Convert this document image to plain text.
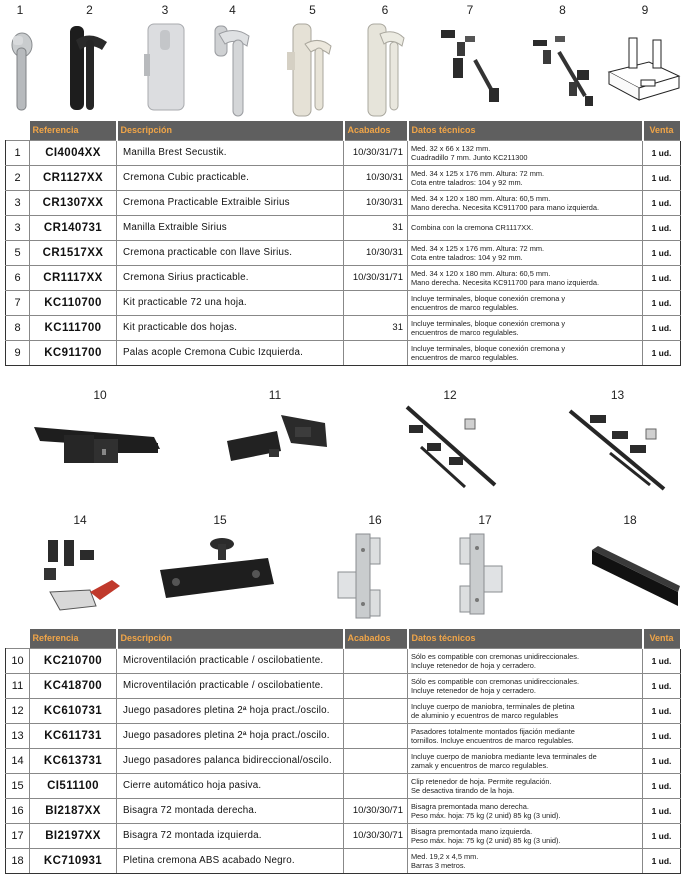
1	2	3	4	5	6	7	8	9
	Referencia	Descripción	Acabados	Datos técnicos	Venta
1	CI4004XX	Manilla Brest Secustik.	10/30/31/71	Med. 32 x 66 x 132 mm.
Cuadradillo 7 mm. Junto KC211300	1 ud.
2	CR1127XX	Cremona Cubic practicable.	10/30/31	Med. 34 x 125 x 176 mm. Altura: 72 mm.
Cota entre taladros: 104 y 92 mm.	1 ud.
3	CR1307XX	Cremona Practicable Extraible Sirius	10/30/31	Med. 34 x 120 x 180 mm. Altura: 60,5 mm.
Mano derecha. Necesita KC911700 para mano izquierda.	1 ud.
3	CR140731	Manilla Extraible Sirius	31	Combina con la cremona CR1117XX.	1 ud.
5	CR1517XX	Cremona practicable con llave Sirius.	10/30/31	Med. 34 x 125 x 176 mm. Altura: 72 mm.
Cota entre taladros: 104 y 92 mm.	1 ud.
6	CR1117XX	Cremona Sirius practicable.	10/30/31/71	Med. 34 x 120 x 180 mm. Altura: 60,5 mm.
Mano derecha. Necesita KC911700 para mano izquierda.	1 ud.
7	KC110700	Kit practicable 72 una hoja.		Incluye terminales, bloque conexión cremona y
encuentros de marco regulables.	1 ud.
8	KC111700	Kit practicable dos hojas.	31	Incluye terminales, bloque conexión cremona y
encuentros de marco regulables.	1 ud.
9	KC911700	Palas acople Cremona Cubic Izquierda.		Incluye terminales, bloque conexión cremona y
encuentros de marco regulables.	1 ud.
10	11	12	13
14	15	16	17	18
	Referencia	Descripción	Acabados	Datos técnicos	Venta
10	KC210700	Microventilación practicable / oscilobatiente.		Sólo es compatible con cremonas unidireccionales.
Incluye retenedor de hoja y cerradero.	1 ud.
11	KC418700	Microventilación practicable / oscilobatiente.		Sólo es compatible con cremonas unidireccionales.
Incluye retenedor de hoja y cerradero.	1 ud.
12	KC610731	Juego pasadores pletina 2ª hoja pract./oscilo.		Incluye cuerpo de maniobra, terminales de pletina
de aluminio y ecuentros de marco regulables	1 ud.
13	KC611731	Juego pasadores pletina 2ª hoja pract./oscilo.		Pasadores totalmente montados fijación mediante
tornillos. Incluye encuentros de marco regulables.	1 ud.
14	KC613731	Juego pasadores palanca bidireccional/oscilo.		Incluye cuerpo de maniobra mediante leva terminales de
zamak y encuentros de marco regulables.	1 ud.
15	CI511100	Cierre automático hoja pasiva.		Clip retenedor de hoja. Permite regulación.
Se desactiva tirando de la hoja.	1 ud.
16	BI2187XX	Bisagra 72 montada derecha.	10/30/30/71	Bisagra premontada mano derecha.
Peso máx. hoja: 75 kg (2 unid) 85 kg (3 unid).	1 ud.
17	BI2197XX	Bisagra 72 montada izquierda.	10/30/30/71	Bisagra premontada mano izquierda.
Peso máx. hoja: 75 kg (2 unid) 85 kg (3 unid).	1 ud.
18	KC710931	Pletina cremona ABS acabado Negro.		Med. 19,2 x 4,5 mm.
Barras 3 metros.	1 ud.
